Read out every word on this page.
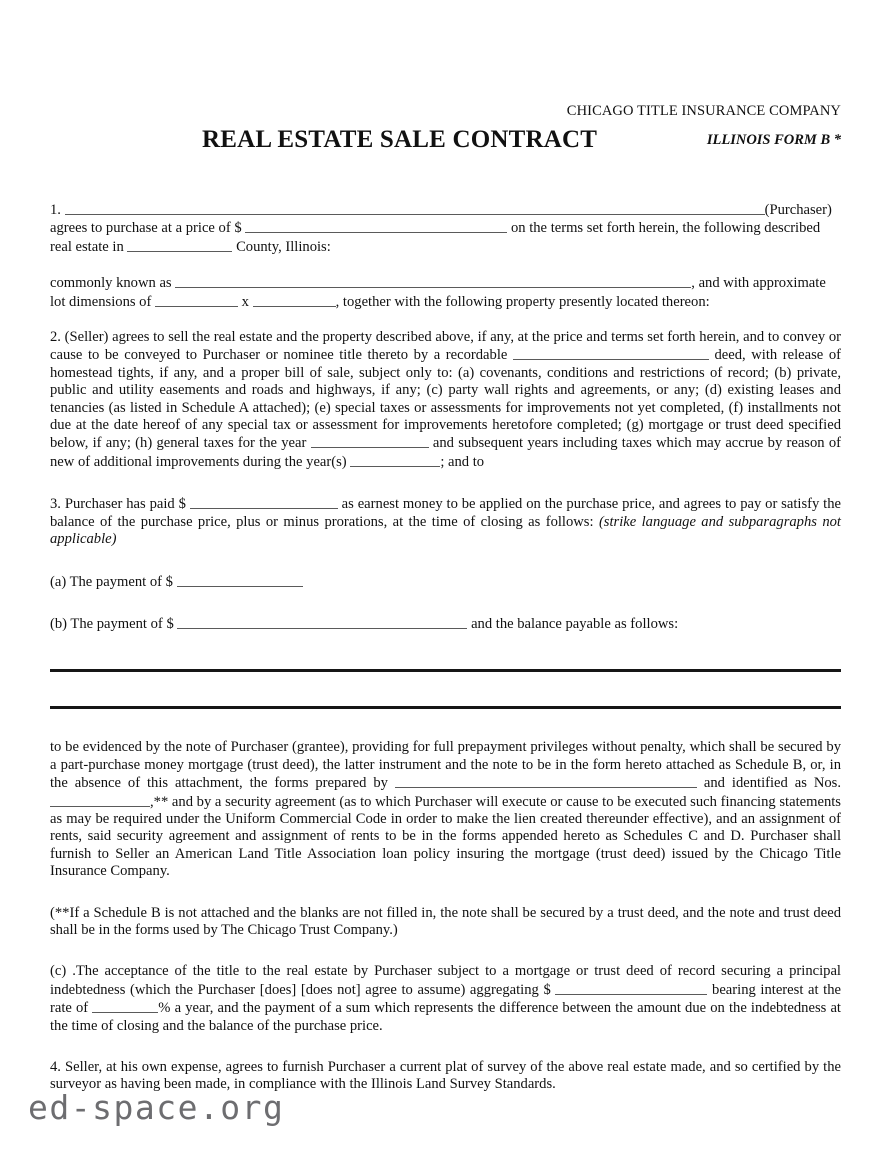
CHICAGO TITLE INSURANCE COMPANY
REAL ESTATE SALE CONTRACT	ILLINOIS FORM B *

1.	(Purchaser)
agrees to purchase at a price of $	on the terms set forth herein, the following described
real estate in	County, Illinois:

commonly known as	, and with approximate
lot dimensions of	x	, together with the following property presently located thereon:

2. (Seller) agrees to sell the real estate and the property described above, if any, at the price and terms set forth herein, and to convey or cause to be conveyed to Purchaser or nominee title thereto by a recordable	deed, with release of homestead tights, if any, and a proper bill of sale, subject only to: (a) covenants, conditions and restrictions of record; (b) private, public and utility easements and roads and highways, if any; (c) party wall rights and agreements, or any; (d) existing leases and tenancies (as listed in Schedule A attached); (e) special taxes or assessments for improvements not yet completed, (f) installments not due at the date hereof of any special tax or assessment for improvements heretofore completed; (g) mortgage or trust deed specified below, if any; (h) general taxes for the year	and subsequent years including taxes which may accrue by reason of new of additional improvements during the year(s)	; and to

3. Purchaser has paid $	as earnest money to be applied on the purchase price, and agrees to pay or satisfy the balance of the purchase price, plus or minus prorations, at the time of closing as follows: (strike language and subparagraphs not applicable)

(a) The payment of $

(b) The payment of $	and the balance payable as follows:

to be evidenced by the note of Purchaser (grantee), providing for full prepayment privileges without penalty, which shall be secured by a part-purchase money mortgage (trust deed), the latter instrument and the note to be in the form hereto attached as Schedule B, or, in the absence of this attachment, the forms prepared by	and identified as Nos. ,** and by a security agreement (as to which Purchaser will execute or cause to be executed such financing statements as may be required under the Uniform Commercial Code in order to make the lien created thereunder effective), and an assignment of rents, said security agreement and assignment of rents to be in the forms appended hereto as Schedules C and D. Purchaser shall furnish to Seller an American Land Title Association loan policy insuring the mortgage (trust deed) issued by the Chicago Title Insurance Company.

(**If a Schedule B is not attached and the blanks are not filled in, the note shall be secured by a trust deed, and the note and trust deed shall be in the forms used by The Chicago Trust Company.)

(c) .The acceptance of the title to the real estate by Purchaser subject to a mortgage or trust deed of record securing a principal indebtedness (which the Purchaser [does] [does not] agree to assume) aggregating $	bearing interest at the rate of	% a year, and the payment of a sum which represents the difference between the amount due on the indebtedness at the time of closing and the balance of the purchase price.

4. Seller, at his own expense, agrees to furnish Purchaser a current plat of survey of the above real estate made, and so certified by the surveyor as having been made, in compliance with the Illinois Land Survey Standards.

ed-space.org
